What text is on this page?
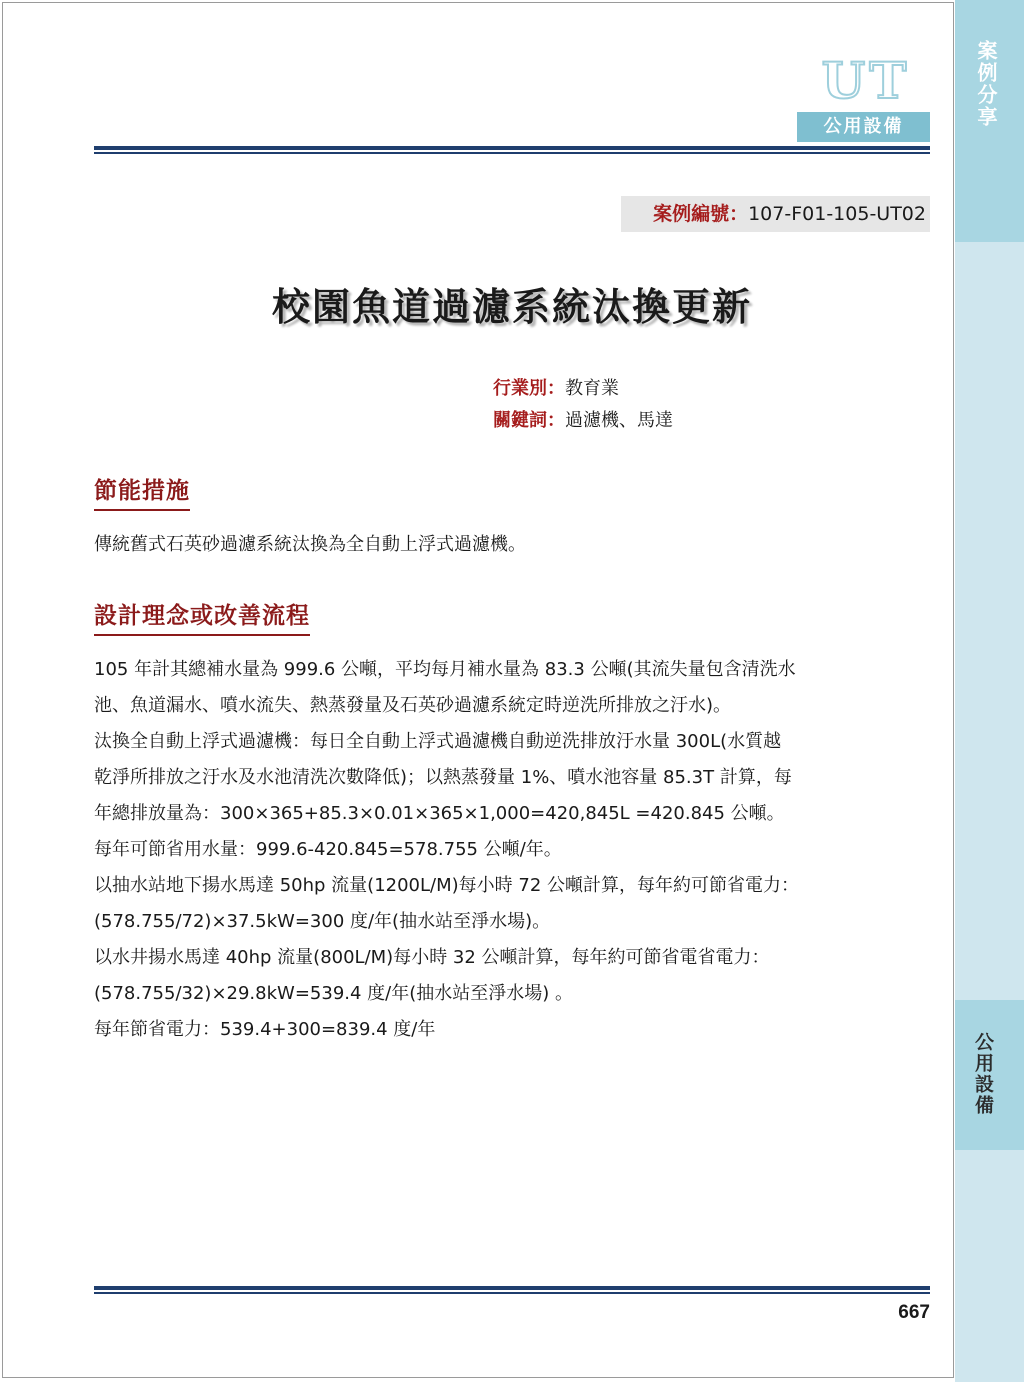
案例分享
公用設備
UT
公用設備
案例編號：107-F01-105-UT02
校園魚道過濾系統汰換更新
行業別：教育業
關鍵詞：過濾機、馬達
節能措施
傳統舊式石英砂過濾系統汰換為全自動上浮式過濾機。
設計理念或改善流程

105 年計其總補水量為 999.6 公噸，平均每月補水量為 83.3 公噸(其流失量包含清洗水

池、魚道漏水、噴水流失、熱蒸發量及石英砂過濾系統定時逆洗所排放之汙水)。

汰換全自動上浮式過濾機：每日全自動上浮式過濾機自動逆洗排放汙水量 300L(水質越

乾淨所排放之汙水及水池清洗次數降低)；以熱蒸發量 1%、噴水池容量 85.3T 計算，每

年總排放量為：300×365+85.3×0.01×365×1,000=420,845L =420.845 公噸。

每年可節省用水量：999.6-420.845=578.755 公噸/年。

以抽水站地下揚水馬達 50hp 流量(1200L/M)每小時 72 公噸計算，每年約可節省電力：

(578.755/72)×37.5kW=300 度/年(抽水站至淨水場)。

以水井揚水馬達 40hp 流量(800L/M)每小時 32 公噸計算，每年約可節省電省電力：

(578.755/32)×29.8kW=539.4 度/年(抽水站至淨水場) 。

每年節省電力：539.4+300=839.4 度/年

667
